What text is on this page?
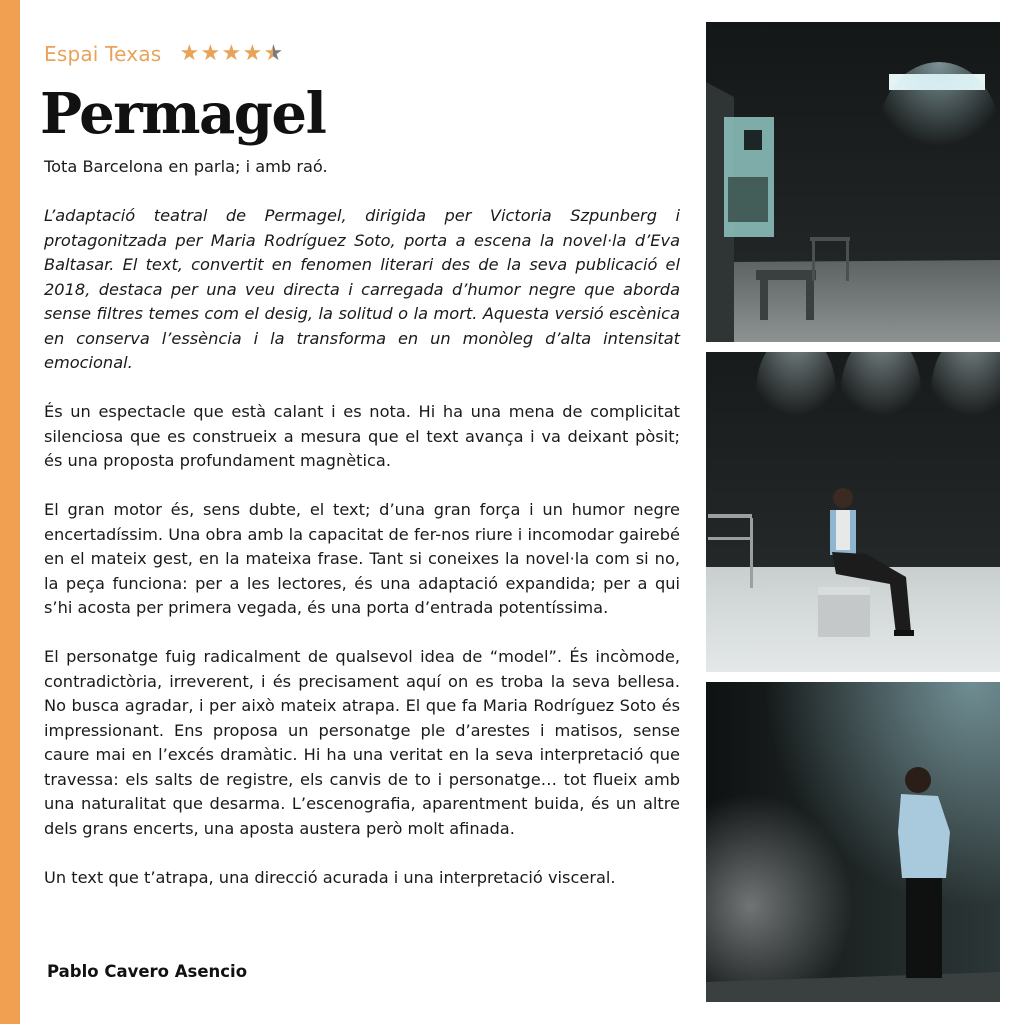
Espai Texas ★ ★ ★ ★ ★
Permagel

Tota Barcelona en parla; i amb raó.

L’adaptació teatral de Permagel, dirigida per Victoria Szpunberg i protagonitzada per Maria Rodríguez Soto, porta a escena la novel·la d’Eva Baltasar. El text, convertit en fenomen literari des de la seva publicació el 2018, destaca per una veu directa i carregada d’humor negre que aborda sense filtres temes com el desig, la solitud o la mort. Aquesta versió escènica en conserva l’essència i la transforma en un monòleg d’alta intensitat emocional.

És un espectacle que està calant i es nota. Hi ha una mena de complicitat silenciosa que es construeix a mesura que el text avança i va deixant pòsit; és una proposta profundament magnètica.

El gran motor és, sens dubte, el text; d’una gran força i un humor negre encertadíssim. Una obra amb la capacitat de fer-nos riure i incomodar gairebé en el mateix gest, en la mateixa frase. Tant si coneixes la novel·la com si no, la peça funciona: per a les lectores, és una adaptació expandida; per a qui s’hi acosta per primera vegada, és una porta d’entrada potentíssima.

El personatge fuig radicalment de qualsevol idea de “model”. És incòmode, contradictòria, irreverent, i és precisament aquí on es troba la seva bellesa. No busca agradar, i per això mateix atrapa. El que fa Maria Rodríguez Soto és impressionant. Ens proposa un personatge ple d’arestes i matisos, sense caure mai en l’excés dramàtic. Hi ha una veritat en la seva interpretació que travessa: els salts de registre, els canvis de to i personatge… tot flueix amb una naturalitat que desarma. L’escenografia, aparentment buida, és un altre dels grans encerts, una aposta austera però molt afinada.

Un text que t’atrapa, una direcció acurada i una interpretació visceral.

Pablo Cavero Asencio
